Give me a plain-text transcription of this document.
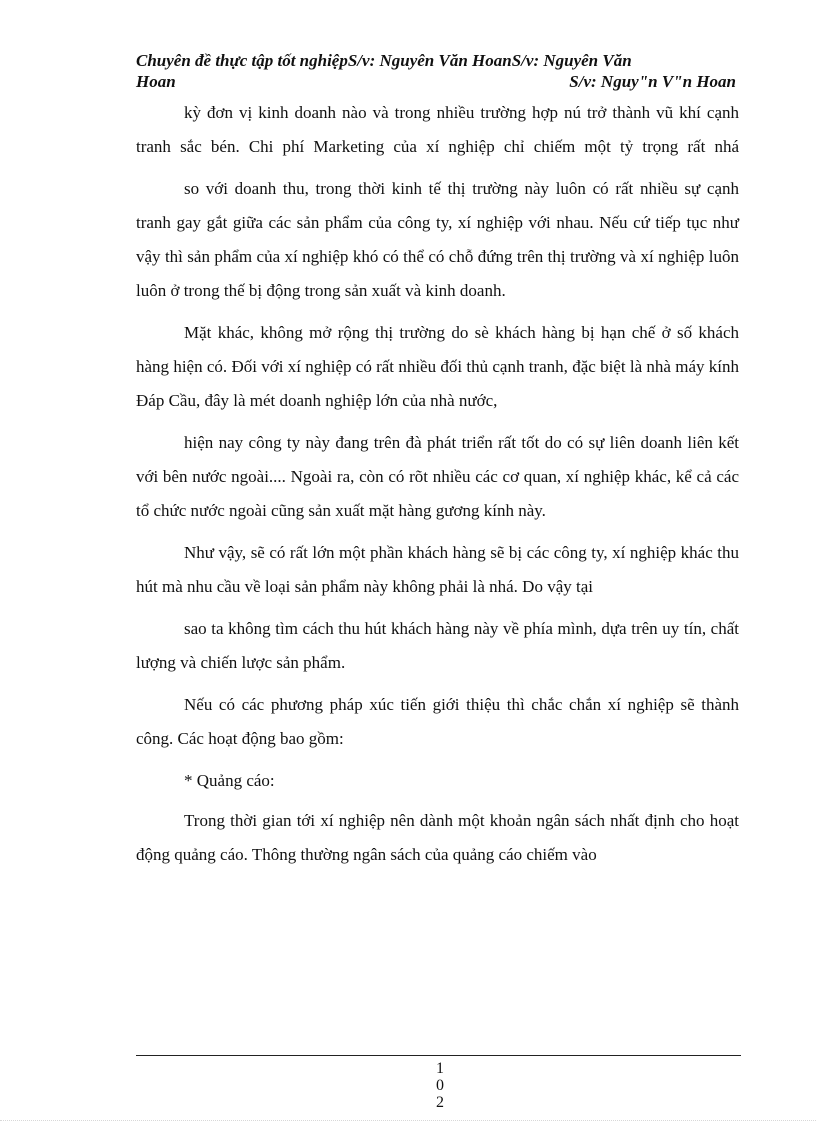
Chuyên đề thực tập tốt nghiệpS/v: Nguyên Văn HoanS/v: Nguyên Văn
Hoan	S/v: Nguy"n V"n Hoan

kỳ đơn vị kinh doanh nào và trong nhiều trường hợp nú trở thành vũ khí cạnh tranh sắc bén. Chi phí Marketing của xí nghiệp chỉ chiếm một tỷ trọng rất nhá

so với doanh thu, trong thời kinh tế thị trường này luôn có rất nhiều sự cạnh tranh gay gắt giữa các sản phẩm của công ty, xí nghiệp với nhau. Nếu cứ tiếp tục như vậy thì sản phẩm của xí nghiệp khó có thể có chỗ đứng trên thị trường và xí nghiệp luôn luôn ở trong thế bị động trong sản xuất và kinh doanh.

Mặt khác, không mở rộng thị trường do sè khách hàng bị hạn chế ở số khách hàng hiện có. Đối với xí nghiệp có rất nhiều đối thủ cạnh tranh, đặc biệt là nhà máy kính Đáp Cầu, đây là mét doanh nghiệp lớn của nhà nước,

hiện nay công ty này đang trên đà phát triển rất tốt do có sự liên doanh liên kết với bên nước ngoài.... Ngoài ra, còn có rõt nhiều các cơ quan, xí nghiệp khác, kể cả các tổ chức nước ngoài cũng sản xuất mặt hàng gương kính này.

Như vậy, sẽ có rất lớn một phần khách hàng sẽ bị các công ty, xí nghiệp khác thu hút mà nhu cầu về loại sản phẩm này không phải là nhá. Do vậy tại

sao ta không tìm cách thu hút khách hàng này về phía mình, dựa trên uy tín, chất lượng và chiến lược sản phẩm.

Nếu có các phương pháp xúc tiến giới thiệu thì chắc chắn xí nghiệp sẽ thành công. Các hoạt động bao gồm:

* Quảng cáo:

Trong thời gian tới xí nghiệp nên dành một khoản ngân sách nhất định cho hoạt động quảng cáo. Thông thường ngân sách của quảng cáo chiếm vào

1
0
2
